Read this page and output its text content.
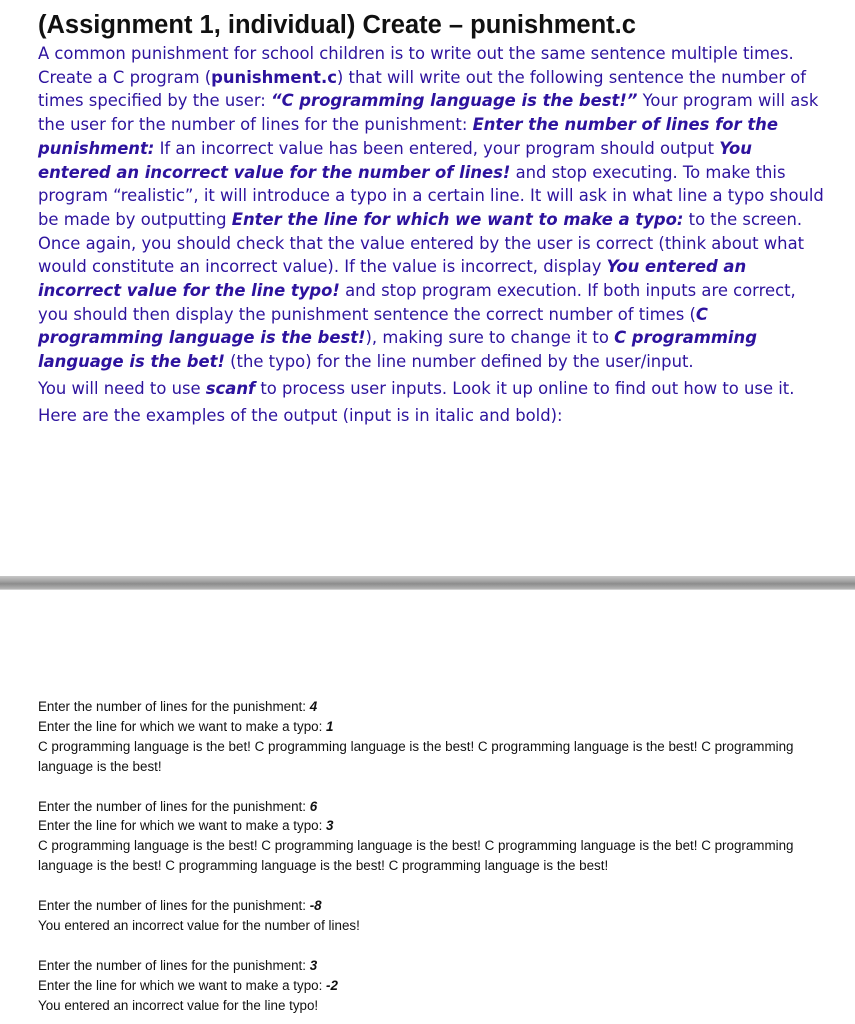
(Assignment 1, individual) Create – punishment.c

A common punishment for school children is to write out the same sentence multiple times. Create a C program (punishment.c) that will write out the following sentence the number of times specified by the user: “C programming language is the best!” Your program will ask the user for the number of lines for the punishment: Enter the number of lines for the punishment: If an incorrect value has been entered, your program should output You entered an incorrect value for the number of lines! and stop executing. To make this program “realistic”, it will introduce a typo in a certain line. It will ask in what line a typo should be made by outputting Enter the line for which we want to make a typo: to the screen. Once again, you should check that the value entered by the user is correct (think about what would constitute an incorrect value). If the value is incorrect, display You entered an incorrect value for the line typo! and stop program execution. If both inputs are correct, you should then display the punishment sentence the correct number of times (C programming language is the best!), making sure to change it to C programming language is the bet! (the typo) for the line number defined by the user/input.

You will need to use scanf to process user inputs. Look it up online to ﬁnd out how to use it.

Here are the examples of the output (input is in italic and bold):

Enter the number of lines for the punishment: 4
Enter the line for which we want to make a typo: 1
C programming language is the bet! C programming language is the best! C programming language is the best! C programming language is the best!
Enter the number of lines for the punishment: 6
Enter the line for which we want to make a typo: 3
C programming language is the best! C programming language is the best! C programming language is the bet! C programming language is the best! C programming language is the best! C programming language is the best!
Enter the number of lines for the punishment: -8
You entered an incorrect value for the number of lines!
Enter the number of lines for the punishment: 3
Enter the line for which we want to make a typo: -2
You entered an incorrect value for the line typo!
